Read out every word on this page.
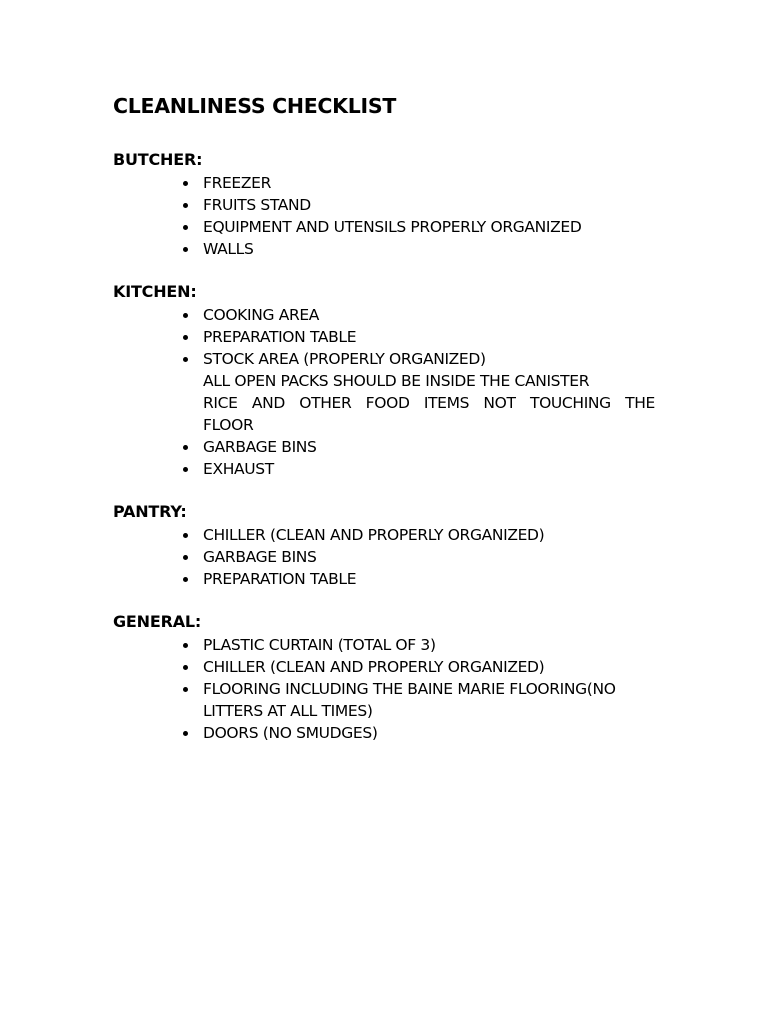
CLEANLINESS CHECKLIST
BUTCHER:
FREEZER
FRUITS STAND
EQUIPMENT AND UTENSILS PROPERLY ORGANIZED
WALLS
KITCHEN:
COOKING AREA
PREPARATION TABLE
STOCK AREA (PROPERLY ORGANIZED)
ALL OPEN PACKS SHOULD BE INSIDE THE CANISTER
RICE AND OTHER FOOD ITEMS NOT TOUCHING THE
FLOOR
GARBAGE BINS
EXHAUST
PANTRY:
CHILLER (CLEAN AND PROPERLY ORGANIZED)
GARBAGE BINS
PREPARATION TABLE
GENERAL:
PLASTIC CURTAIN (TOTAL OF 3)
CHILLER (CLEAN AND PROPERLY ORGANIZED)
FLOORING INCLUDING THE BAINE MARIE FLOORING(NO
LITTERS AT ALL TIMES)
DOORS (NO SMUDGES)
